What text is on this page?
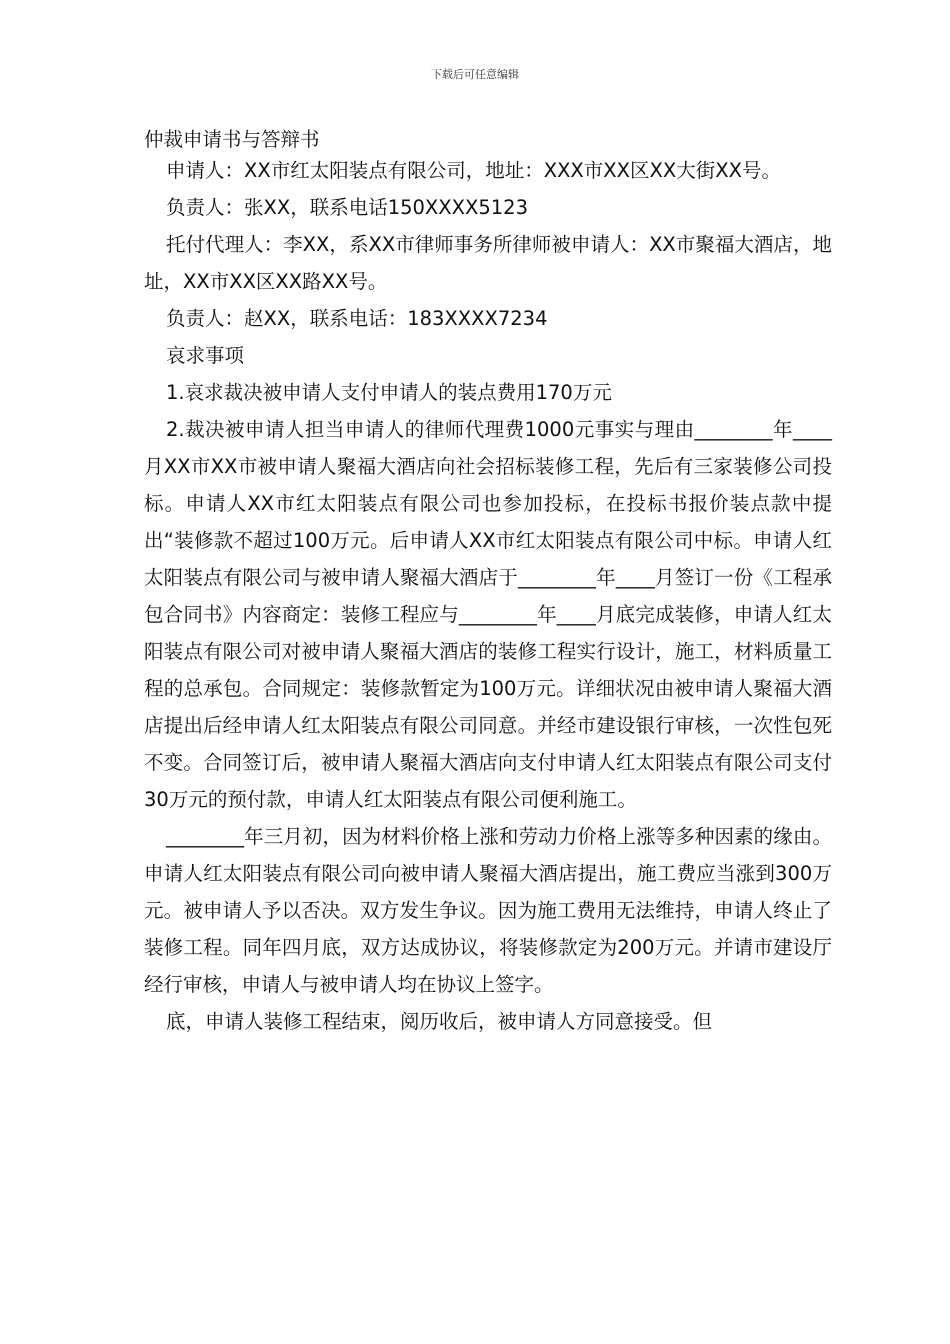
下载后可任意编辑
仲裁申请书与答辩书

申请人：XX市红太阳装点有限公司，地址：XXX市XX区XX大街XX号。

负责人：张XX，联系电话150XXXX5123

托付代理人：李XX，系XX市律师事务所律师被申请人：XX市聚福大酒店，地址，XX市XX区XX路XX号。

负责人：赵XX，联系电话：183XXXX7234

哀求事项

1.哀求裁决被申请人支付申请人的装点费用170万元

2.裁决被申请人担当申请人的律师代理费1000元事实与理由________年____月XX市XX市被申请人聚福大酒店向社会招标装修工程，先后有三家装修公司投标。申请人XX市红太阳装点有限公司也参加投标，在投标书报价装点款中提出“装修款不超过100万元。后申请人XX市红太阳装点有限公司中标。申请人红太阳装点有限公司与被申请人聚福大酒店于________年____月签订一份《工程承包合同书》内容商定：装修工程应与________年____月底完成装修，申请人红太阳装点有限公司对被申请人聚福大酒店的装修工程实行设计，施工，材料质量工程的总承包。合同规定：装修款暂定为100万元。详细状况由被申请人聚福大酒店提出后经申请人红太阳装点有限公司同意。并经市建设银行审核，一次性包死不变。合同签订后，被申请人聚福大酒店向支付申请人红太阳装点有限公司支付30万元的预付款，申请人红太阳装点有限公司便利施工。

________年三月初，因为材料价格上涨和劳动力价格上涨等多种因素的缘由。申请人红太阳装点有限公司向被申请人聚福大酒店提出，施工费应当涨到300万元。被申请人予以否决。双方发生争议。因为施工费用无法维持，申请人终止了装修工程。同年四月底，双方达成协议，将装修款定为200万元。并请市建设厅经行审核，申请人与被申请人均在协议上签字。

底，申请人装修工程结束，阅历收后，被申请人方同意接受。但
